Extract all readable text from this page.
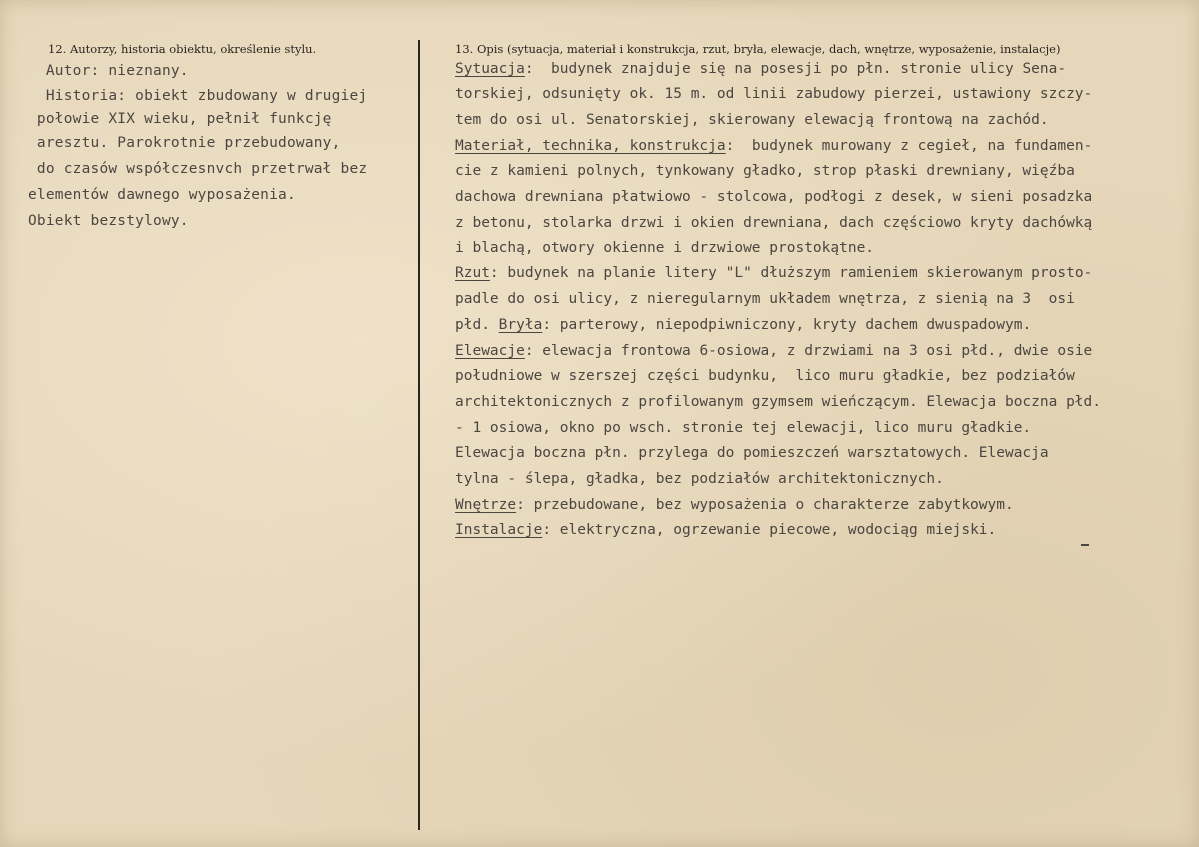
12. Autorzy, historia obiektu, określenie stylu.	13. Opis (sytuacja, materiał i konstrukcja, rzut, bryła, elewacje, dach, wnętrze, wyposażenie, instalacje)
Autor: nieznany.
Historia: obiekt zbudowany w drugiej
połowie XIX wieku, pełnił funkcję
aresztu. Parokrotnie przebudowany,
do czasów współczesnvch przetrwał bez
elementów dawnego wyposażenia.
Obiekt bezstylowy.
Sytuacja:  budynek znajduje się na posesji po płn. stronie ulicy Sena-
torskiej, odsunięty ok. 15 m. od linii zabudowy pierzei, ustawiony szczy-
tem do osi ul. Senatorskiej, skierowany elewacją frontową na zachód.
Materiał, technika, konstrukcja:  budynek murowany z cegieł, na fundamen-
cie z kamieni polnych, tynkowany gładko, strop płaski drewniany, więźba
dachowa drewniana płatwiowo - stolcowa, podłogi z desek, w sieni posadzka
z betonu, stolarka drzwi i okien drewniana, dach częściowo kryty dachówką
i blachą, otwory okienne i drzwiowe prostokątne.
Rzut: budynek na planie litery "L" dłuższym ramieniem skierowanym prosto-
padle do osi ulicy, z nieregularnym układem wnętrza, z sienią na 3  osi
płd. Bryła: parterowy, niepodpiwniczony, kryty dachem dwuspadowym.
Elewacje: elewacja frontowa 6-osiowa, z drzwiami na 3 osi płd., dwie osie
południowe w szerszej części budynku,  lico muru gładkie, bez podziałów
architektonicznych z profilowanym gzymsem wieńczącym. Elewacja boczna płd.
- 1 osiowa, okno po wsch. stronie tej elewacji, lico muru gładkie.
Elewacja boczna płn. przylega do pomieszczeń warsztatowych. Elewacja
tylna - ślepa, gładka, bez podziałów architektonicznych.
Wnętrze: przebudowane, bez wyposażenia o charakterze zabytkowym.
Instalacje: elektryczna, ogrzewanie piecowe, wodociąg miejski.
